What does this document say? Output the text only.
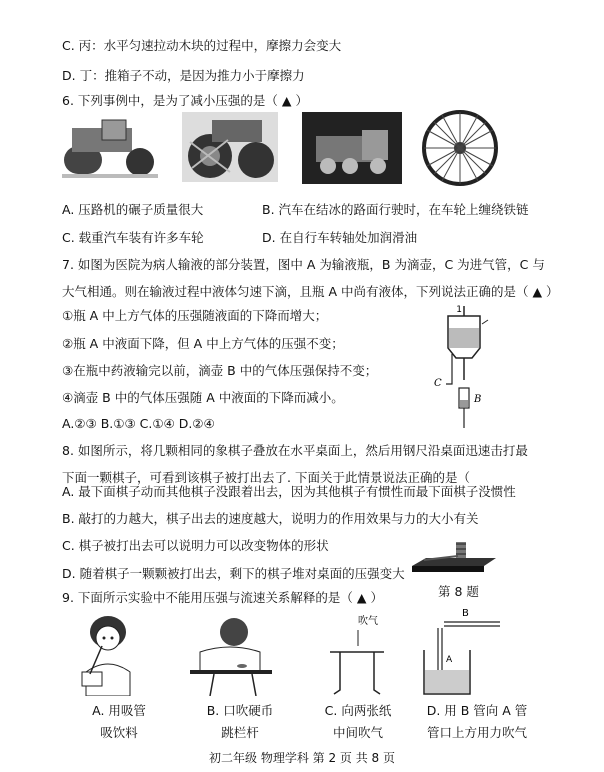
C. 丙：水平匀速拉动木块的过程中，摩擦力会变大
D. 丁：推箱子不动，是因为推力小于摩擦力
6. 下列事例中，是为了减小压强的是（ ▲ ）
A. 压路机的碾子质量很大	B. 汽车在结冰的路面行驶时，在车轮上缠绕铁链
C. 载重汽车装有许多车轮	D. 在自行车转轴处加润滑油
7. 如图为医院为病人输液的部分装置，图中 A 为输液瓶，B 为滴壶，C 为进气管，C 与
大气相通。则在输液过程中液体匀速下滴，且瓶 A 中尚有液体，下列说法正确的是（ ▲ ）
①瓶 A 中上方气体的压强随液面的下降而增大；
②瓶 A 中液面下降，但 A 中上方气体的压强不变；
③在瓶中药液输完以前，滴壶 B 中的气体压强保持不变；
④滴壶 B 中的气体压强随 A 中液面的下降而减小。
A.②③ B.①③ C.①④ D.②④
1
C
B
8. 如图所示，将几颗相同的象棋子叠放在水平桌面上，然后用钢尺沿桌面迅速击打最
下面一颗棋子，可看到该棋子被打出去了. 下面关于此情景说法正确的是（
A. 最下面棋子动而其他棋子没跟着出去，因为其他棋子有惯性而最下面棋子没惯性
B. 敲打的力越大，棋子出去的速度越大，说明力的作用效果与力的大小有关
C. 棋子被打出去可以说明力可以改变物体的形状
D. 随着棋子一颗颗被打出去，剩下的棋子堆对桌面的压强变大
9. 下面所示实验中不能用压强与流速关系解释的是（ ▲ ）	第 8 题
吹气
B
A
A. 用吸管
吸饮料
B. 口吹硬币
跳栏杆
C. 向两张纸
中间吹气
D. 用 B 管向 A 管
管口上方用力吹气
初二年级 物理学科 第 2 页 共 8 页
